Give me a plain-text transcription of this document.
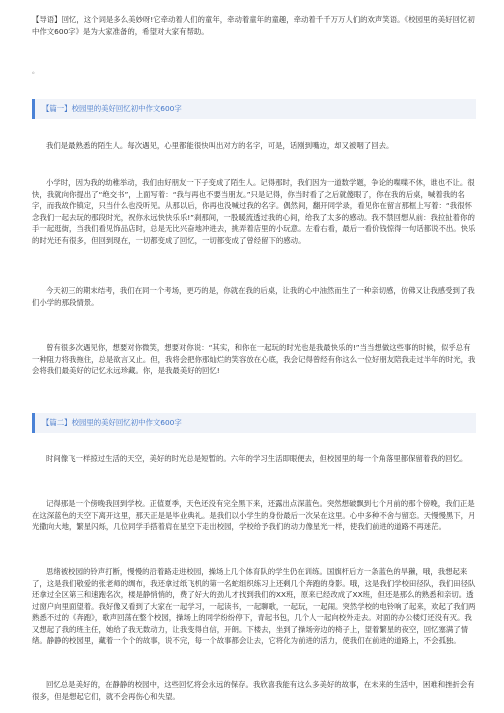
【导语】回忆，这个词是多么美妙呀!它牵动着人们的童年，牵动着童年的童趣，牵动着千千万万人们的欢声笑语。《校园里的美好回忆初中作文600字》是为大家准备的，希望对大家有帮助。
。
【篇一】校园里的美好回忆初中作文600字

我们是最熟悉的陌生人。每次遇见，心里都能很快叫出对方的名字，可是，话刚到嘴边，却又被咽了回去。

小学时，因为我的幼稚举动，我们由好朋友一下子变成了陌生人。记得那时，我们因为一道数学题，争论的喋喋不休，谁也不让。很快，我就向你提出了“绝交书”，上面写着：“我与再也不要当朋友。”只是记得，你当时看了之后就傻眼了，你在我的后桌，喊着我的名字，而我故作镇定，只当什么也没听见。从那以后，你再也没喊过我的名字。偶然间，翻开同学录，看见你在留言那框上写着：“我很怀念我们一起去玩的那段时光，祝你永远快快乐乐!”刹那间，一股暖流透过我的心间，给我了太多的感动。我不禁回想从前：我拉扯着你的手一起逛街，当我们看见饰品店时，总是无比兴奋地冲进去，挑弄着店里的小玩意。左看右看，最后一看价钱惊得一句话都说不出。快乐的时光还有很多，但回到现在，一切都变成了回忆，一切都变成了曾经留下的感动。

今天初三的期末结考，我们在同一个考场，更巧的是，你就在我的后桌，让我的心中油然而生了一种亲切感，仿佛又让我感受到了我们小学的那段情景。

曾有很多次遇见你，想要对你微笑，想要对你说：“其实，和你在一起玩的时光也是我最快乐的!”当当想做这些事的时候，似乎总有一种阻力将我拖住，总是欲言又止。但，我将会把你那灿烂的笑容放在心底，我会记得曾经有你这么一位好朋友陪我走过半年的时光，我会将我们最美好的记忆永远珍藏。你，是我最美好的回忆!

【篇二】校园里的美好回忆初中作文600字

时间像飞一样掠过生活的天空，美好的时光总是短暂的。六年的学习生活即眼便去，但校园里的每一个角落里都保留着我的回忆。

记得那是一个傍晚我回到学校。正值夏季，天色还没有完全黑下来，还露出点深蓝色。突然想破飘到七个月前的那个傍晚，我们正是在这深蓝色的天空下离开这里，那天正是是毕业典礼。是我们以小学生的身份最后一次呆在这里。心中多种不舍与留恋。天慢慢黑下，月光撒向大地，繁星闪烁，几位同学手搭着肩在星空下走出校园，学校给予我们的动力像星光一样，使我们前进的道路不再迷茫。

思绪被校园的铃声打断，慢慢的沿着路走进校园，操场上几个体育队的学生仍在训练。国旗杆后方一条蓝色的旱獭，哦，我想起来了，这是我们敬爱的张老师的绸布，我还拿过纸飞机的第一名蛇组织练习上还剩几个奔跑的身影。哦，这是我们学校田径队，我们田径队还拿过全区第三和速跑名次，楼是静悄悄的，费了好大的劲儿才找到我们的XX班，原来已经改成了XX班，但还是那么的熟悉和亲切。透过窗户向里面望着。我好像又看到了大家在一起学习，一起读书，一起聊歌，一起玩，一起闹。突然学校的电铃响了起来，欢起了我们两熟悉不过的《奔跑》，歌声回荡在整个校园，操场上的同学纷纷停下，青起书包，几个人一起向校外走去。对面的办公楼灯还没有灭。我又想起了我的班主任，她给了我无数动力，让我变得自信，开朗。下楼去，坐到了操场旁边的椅子上，望着繁星的夜空，回忆塞满了情绪。静静的校园里，藏着一个个的故事，说不完，每一个故事都会让去，它将化为前进的活力，使我们在前进的道路上，不会孤独。

回忆总是美好的，在静静的校园中，这些回忆将会永远的保存。我欣喜我能有这么多美好的故事，在未来的生活中，困难和挫折会有很多，但是想起它们，就不会再伤心和失望。
